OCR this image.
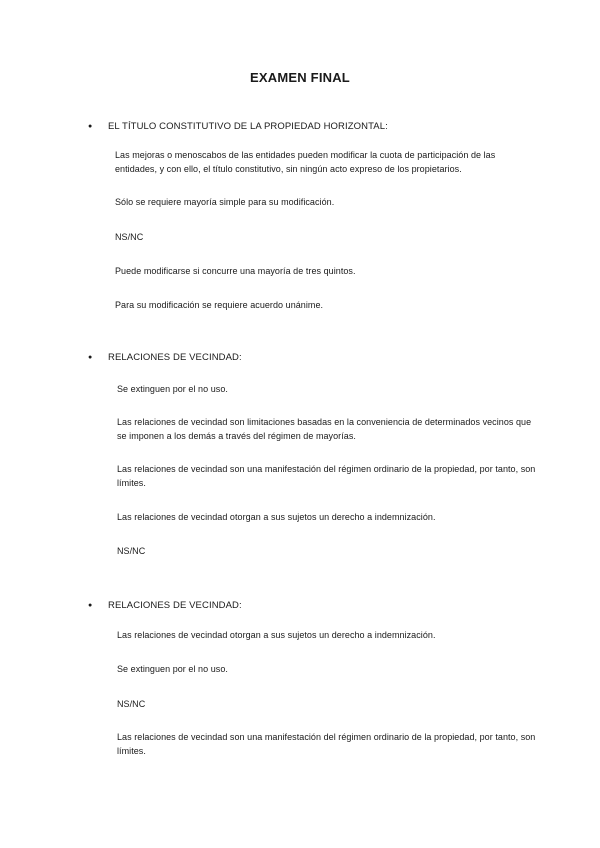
EXAMEN FINAL
●	EL TÍTULO CONSTITUTIVO DE LA PROPIEDAD HORIZONTAL:
Las mejoras o menoscabos de las entidades pueden modificar la cuota de participación de las entidades, y con ello, el título constitutivo, sin ningún acto expreso de los propietarios.
Sólo se requiere mayoría simple para su modificación.
NS/NC
Puede modificarse si concurre una mayoría de tres quintos.
Para su modificación se requiere acuerdo unánime.
●	RELACIONES DE VECINDAD:
Se extinguen por el no uso.
Las relaciones de vecindad son limitaciones basadas en la conveniencia de determinados vecinos que se imponen a los demás a través del régimen de mayorías.
Las relaciones de vecindad son una manifestación del régimen ordinario de la propiedad, por tanto, son límites.
Las relaciones de vecindad otorgan a sus sujetos un derecho a indemnización.
NS/NC
●	RELACIONES DE VECINDAD:
Las relaciones de vecindad otorgan a sus sujetos un derecho a indemnización.
Se extinguen por el no uso.
NS/NC
Las relaciones de vecindad son una manifestación del régimen ordinario de la propiedad, por tanto, son límites.
